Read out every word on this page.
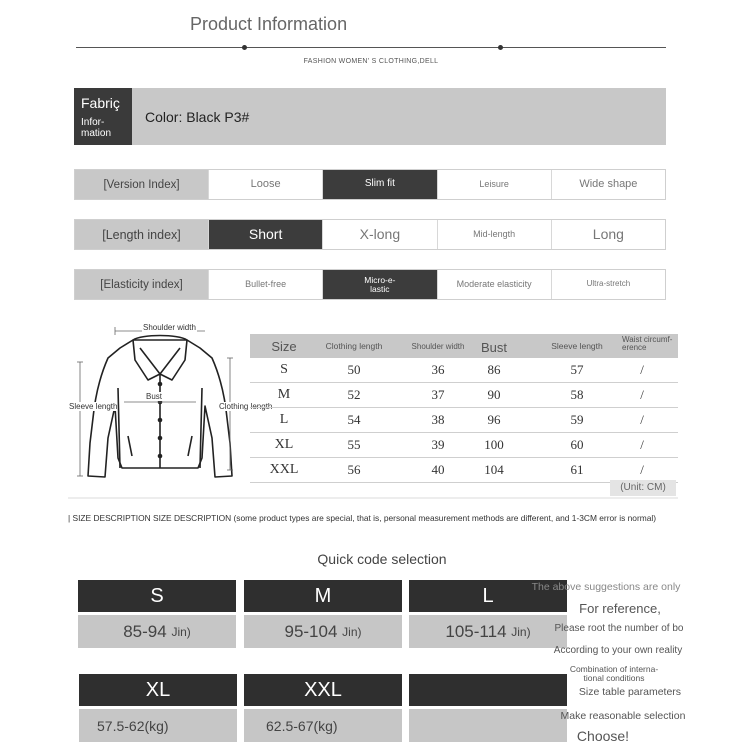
Product Information
FASHION WOMEN’ S CLOTHING,DELL
Fabriç
Infor-
mation
Color: Black P3#
[Version Index]	Loose	Slim fit	Leisure	Wide shape
[Length index]	Short	X-long	Mid-length	Long
[Elasticity index]	Bullet-free	Micro-e-
lastic	Moderate elasticity	Ultra-stretch
Shoulder width
Bust
Sleeve length	Clothing length
Size	Clothing length	Shoulder width	Bust	Sleeve length
Waist circumf-
erence
S	50	36	86	57	/
M	52	37	90	58	/
L	54	38	96	59	/
XL	55	39	100	60	/
XXL	56	40	104	61	/
(Unit: CM)
| SIZE DESCRIPTION SIZE DESCRIPTION (some product types are special, that is, personal measurement methods are different, and 1-3CM error is normal)
Quick code selection
S
85-94
Jin)
M
95-104
Jin)
L
105-114
Jin)
XL
57.5-62(kg)
XXL
62.5-67(kg)
The above suggestions are only
For reference,
Please root the number of bo
According to your own reality
Combination of interna-
tional conditions
Size table parameters
Make reasonable selection
Choose!
